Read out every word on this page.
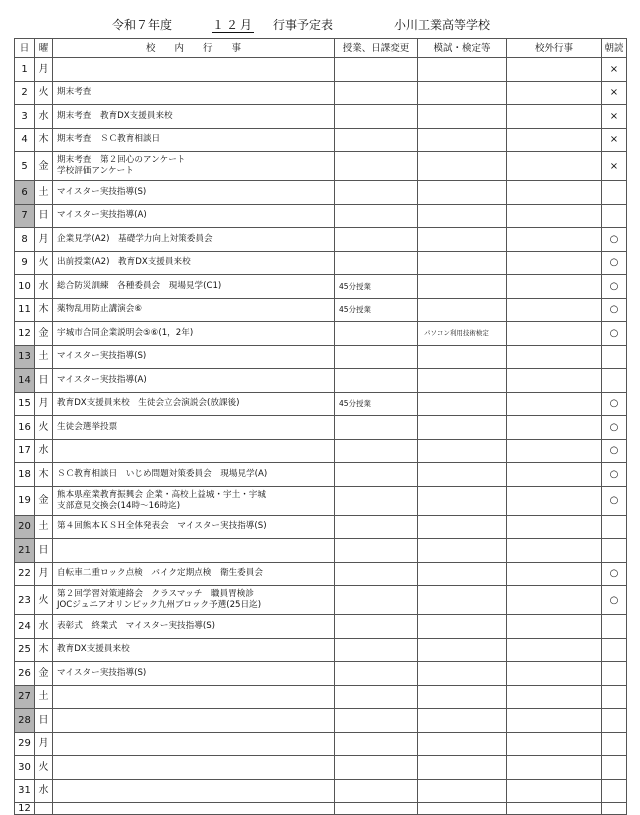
令和７年度	１２月	行事予定表	小川工業高等学校
日	曜	校　　内　　行　　事	授業、日課変更	模試・検定等	校外行事	朝読
1	月					×
2	火	期末考査				×
3	水	期末考査　教育DX支援員来校				×
4	木	期末考査　ＳＣ教育相談日				×
5	金	期末考査　第２回心のアンケート
学校評価アンケート				×
6	土	マイスター実技指導(S)				
7	日	マイスター実技指導(A)				
8	月	企業見学(A2)　基礎学力向上対策委員会				○
9	火	出前授業(A2)　教育DX支援員来校				○
10	水	総合防災訓練　各種委員会　現場見学(C1)	45分授業			○
11	木	薬物乱用防止講演会⑥	45分授業			○
12	金	宇城市合同企業説明会⑤⑥(1，2年)		パソコン利用技術検定		○
13	土	マイスター実技指導(S)				
14	日	マイスター実技指導(A)				
15	月	教育DX支援員来校　生徒会立会演説会(放課後)	45分授業			○
16	火	生徒会選挙投票				○
17	水					○
18	木	ＳＣ教育相談日　いじめ問題対策委員会　現場見学(A)				○
19	金	熊本県産業教育振興会 企業・高校上益城・宇土・宇城
支部意見交換会(14時～16時迄)				○
20	土	第４回熊本ＫＳＨ全体発表会　マイスター実技指導(S)				
21	日					
22	月	自転車二重ロック点検　バイク定期点検　衛生委員会				○
23	火	第２回学習対策連絡会　クラスマッチ　職員胃検診
JOCジュニアオリンピック九州ブロック予選(25日迄)				○
24	水	表彰式　終業式　マイスター実技指導(S)				
25	木	教育DX支援員来校				
26	金	マイスター実技指導(S)				
27	土					
28	日					
29	月					
30	火					
31	水					
12						
